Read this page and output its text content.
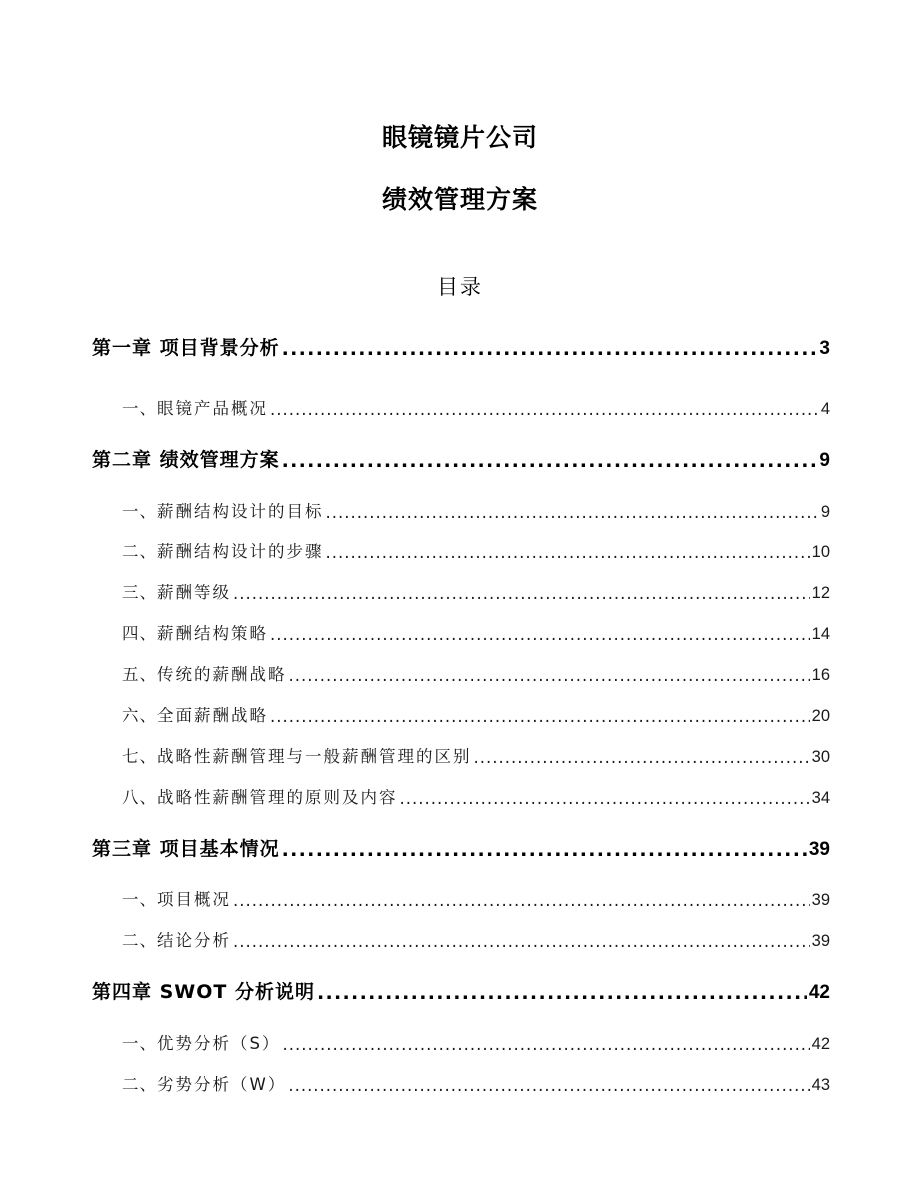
眼镜镜片公司
绩效管理方案
目录
第一章 项目背景分析 .....	3
一、 眼镜产品概况 .....	4
第二章 绩效管理方案 .....	9
一、 薪酬结构设计的目标 .....	9
二、 薪酬结构设计的步骤 .....	10
三、 薪酬等级 .....	12
四、 薪酬结构策略 .....	14
五、 传统的薪酬战略 .....	16
六、 全面薪酬战略 .....	20
七、 战略性薪酬管理与一般薪酬管理的区别 .....	30
八、 战略性薪酬管理的原则及内容 .....	34
第三章 项目基本情况 .....	39
一、 项目概况 .....	39
二、 结论分析 .....	39
第四章 SWOT 分析说明 .....	42
一、 优势分析（S） .....	42
二、 劣势分析（W） .....	43
